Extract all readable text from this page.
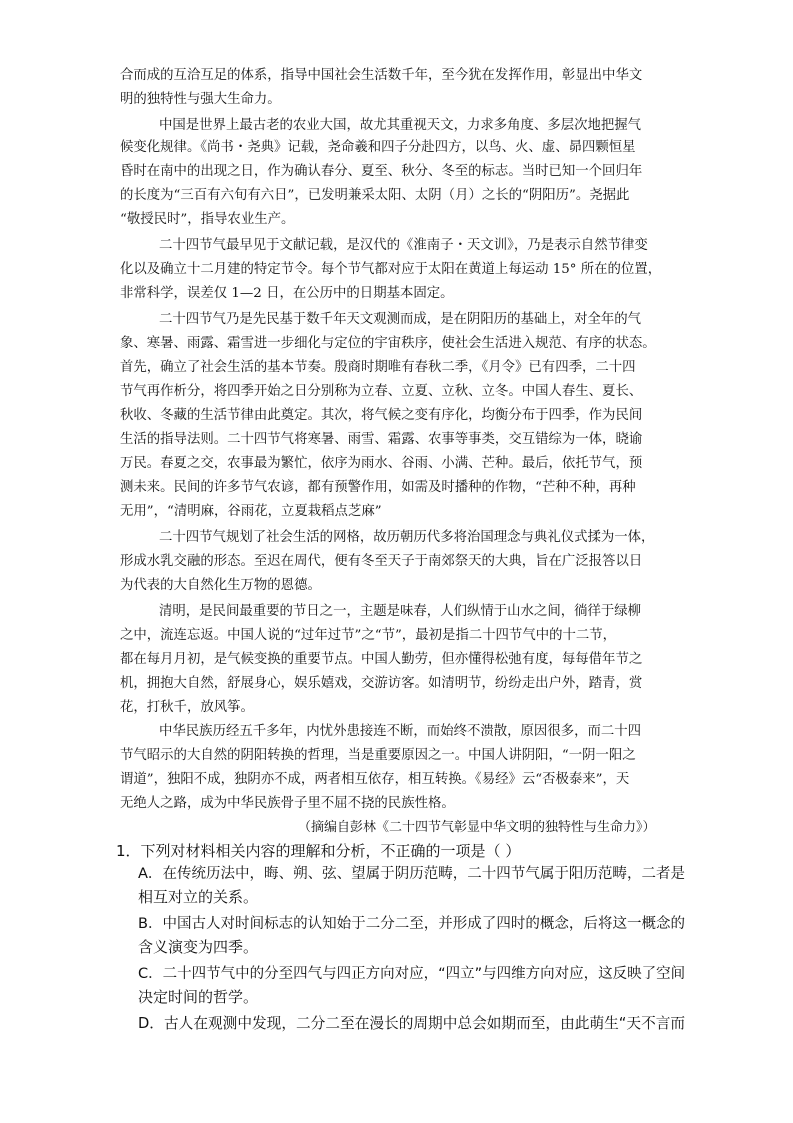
合而成的互洽互足的体系，指导中国社会生活数千年，至今犹在发挥作用，彰显出中华文

明的独特性与强大生命力。

中国是世界上最古老的农业大国，故尤其重视天文，力求多角度、多层次地把握气

候变化规律。《尚书・尧典》记载，尧命羲和四子分赴四方，以鸟、火、虚、昴四颗恒星

昏时在南中的出现之日，作为确认春分、夏至、秋分、冬至的标志。当时已知一个回归年

的长度为“三百有六旬有六日”，已发明兼采太阳、太阴（月）之长的“阴阳历”。尧据此

“敬授民时”，指导农业生产。

二十四节气最早见于文献记载，是汉代的《淮南子・天文训》，乃是表示自然节律变

化以及确立十二月建的特定节令。每个节气都对应于太阳在黄道上每运动 15° 所在的位置，

非常科学，误差仅 1—2 日，在公历中的日期基本固定。

二十四节气乃是先民基于数千年天文观测而成，是在阴阳历的基础上，对全年的气

象、寒暑、雨露、霜雪进一步细化与定位的宇宙秩序，使社会生活进入规范、有序的状态。

首先，确立了社会生活的基本节奏。殷商时期唯有春秋二季，《月令》已有四季，二十四

节气再作析分，将四季开始之日分别称为立春、立夏、立秋、立冬。中国人春生、夏长、

秋收、冬藏的生活节律由此奠定。其次，将气候之变有序化，均衡分布于四季，作为民间

生活的指导法则。二十四节气将寒暑、雨雪、霜露、农事等事类，交互错综为一体，晓谕

万民。春夏之交，农事最为繁忙，依序为雨水、谷雨、小满、芒种。最后，依托节气，预

测未来。民间的许多节气农谚，都有预警作用，如需及时播种的作物，“芒种不种，再种

无用”，“清明麻，谷雨花，立夏栽稻点芝麻”

二十四节气规划了社会生活的网格，故历朝历代多将治国理念与典礼仪式揉为一体，

形成水乳交融的形态。至迟在周代，便有冬至天子于南郊祭天的大典，旨在广泛报答以日

为代表的大自然化生万物的恩德。

清明，是民间最重要的节日之一，主题是味春，人们纵情于山水之间，徜徉于绿柳

之中，流连忘返。中国人说的“过年过节”之“节”，最初是指二十四节气中的十二节，

都在每月月初，是气候变换的重要节点。中国人勤劳，但亦懂得松弛有度，每每借年节之

机，拥抱大自然，舒展身心，娱乐嬉戏，交游访客。如清明节，纷纷走出户外，踏青，赏

花，打秋千，放风筝。

中华民族历经五千多年，内忧外患接连不断，而始终不溃散，原因很多，而二十四

节气昭示的大自然的阴阳转换的哲理，当是重要原因之一。中国人讲阴阳，“一阴一阳之

谓道”，独阳不成，独阴亦不成，两者相互依存，相互转换。《易经》云“否极泰来”，天

无绝人之路，成为中华民族骨子里不屈不挠的民族性格。

（摘编自彭林《二十四节气彰显中华文明的独特性与生命力》）

1．下列对材料相关内容的理解和分析，不正确的一项是（ ）

A．在传统历法中，晦、朔、弦、望属于阴历范畴，二十四节气属于阳历范畴，二者是

相互对立的关系。

B．中国古人对时间标志的认知始于二分二至，并形成了四时的概念，后将这一概念的

含义演变为四季。

C．二十四节气中的分至四气与四正方向对应，“四立”与四维方向对应，这反映了空间

决定时间的哲学。

D．古人在观测中发现，二分二至在漫长的周期中总会如期而至，由此萌生“天不言而
